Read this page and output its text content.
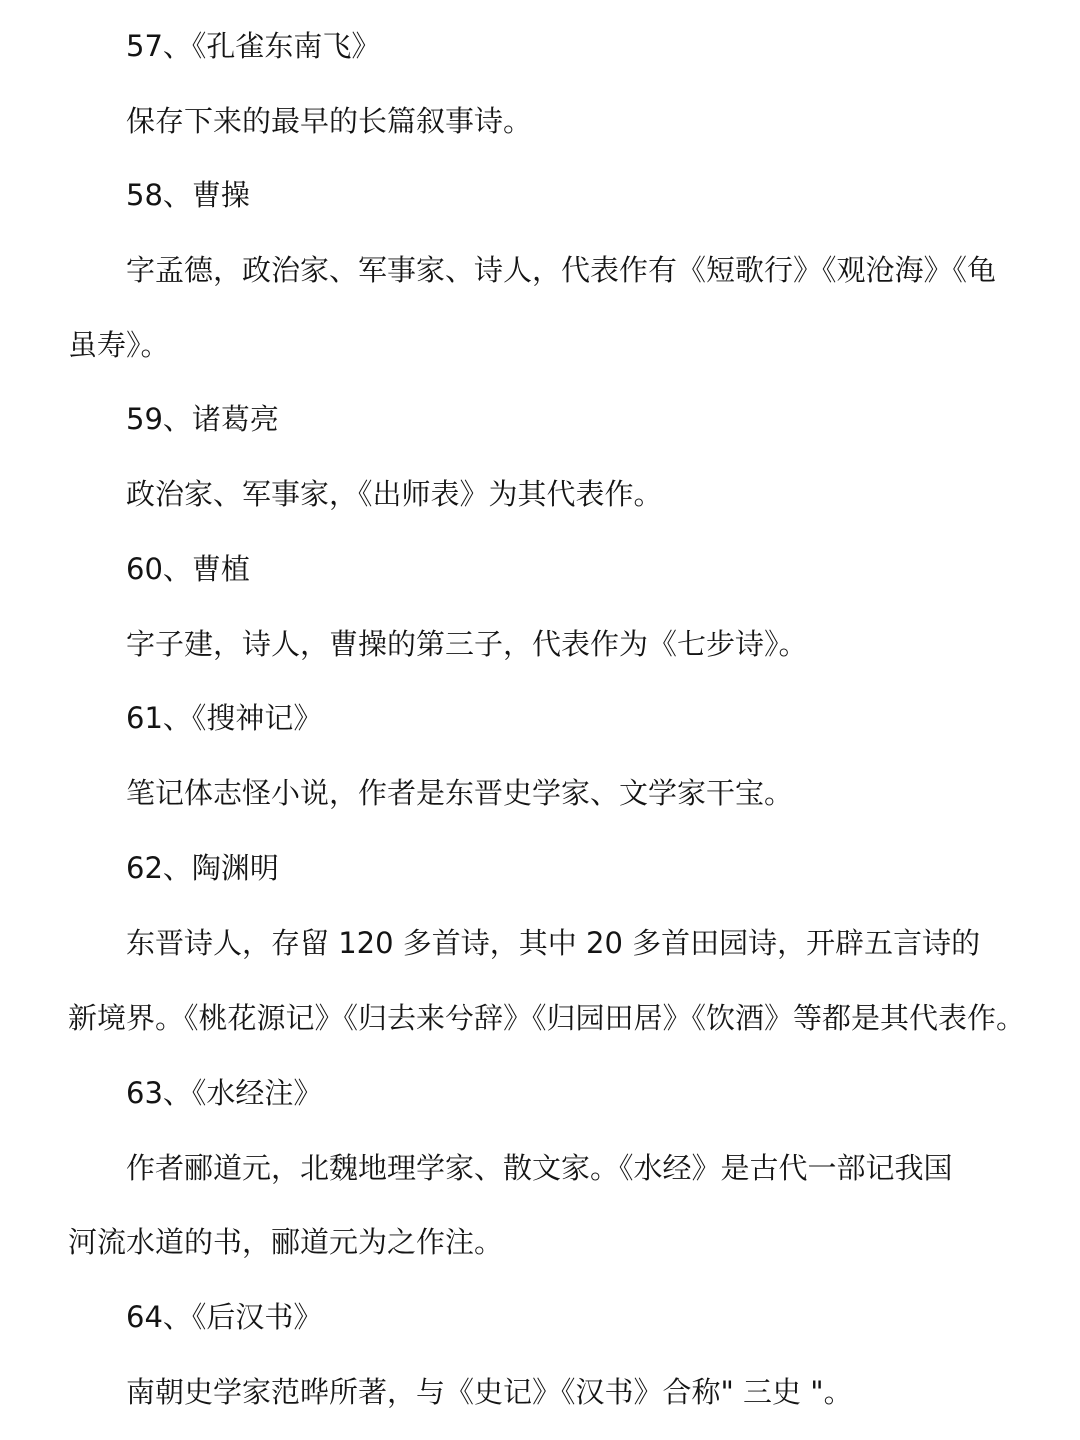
57、《孔雀东南飞》
保存下来的最早的长篇叙事诗。
58、曹操
字孟德，政治家、军事家、诗人，代表作有《短歌行》《观沧海》《龟
虽寿》。
59、诸葛亮
政治家、军事家，《出师表》为其代表作。
60、曹植
字子建，诗人，曹操的第三子，代表作为《七步诗》。
61、《搜神记》
笔记体志怪小说，作者是东晋史学家、文学家干宝。
62、陶渊明
东晋诗人，存留 120 多首诗，其中 20 多首田园诗，开辟五言诗的
新境界。《桃花源记》《归去来兮辞》《归园田居》《饮酒》等都是其代表作。
63、《水经注》
作者郦道元，北魏地理学家、散文家。《水经》是古代一部记我国
河流水道的书，郦道元为之作注。
64、《后汉书》
南朝史学家范晔所著，与《史记》《汉书》合称" 三史 "。
